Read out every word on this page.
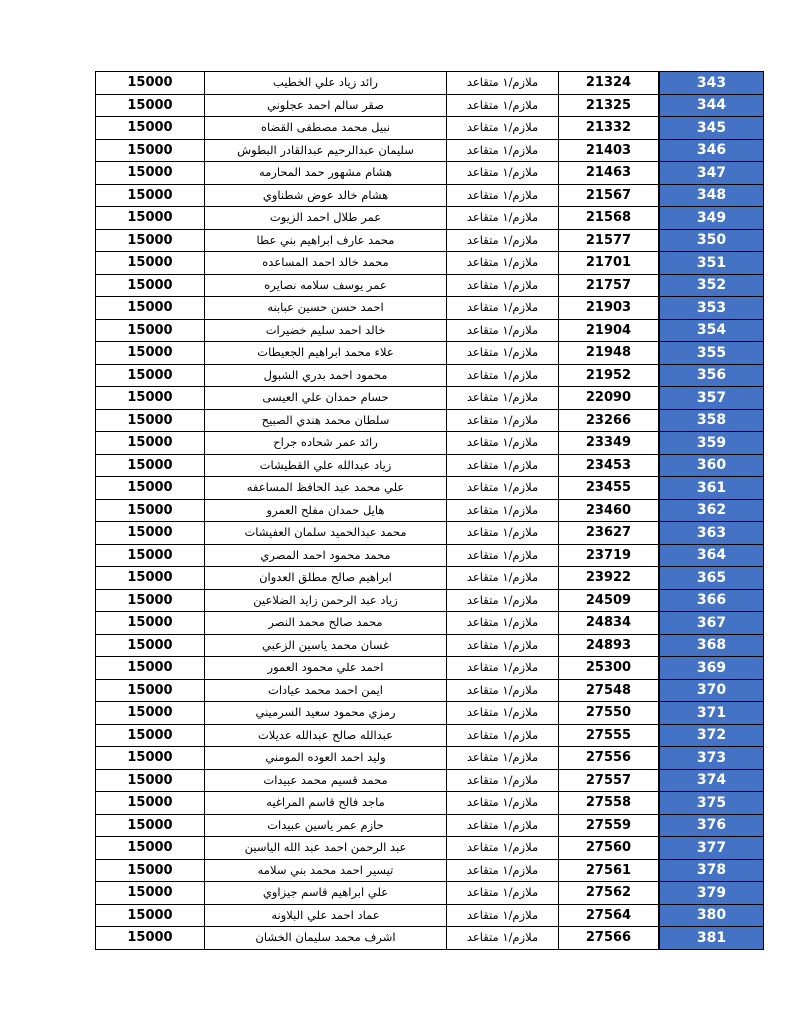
15000	رائد زياد علي الخطيب	ملازم/١ متقاعد	21324	343
15000	صقر سالم احمد عجلوني	ملازم/١ متقاعد	21325	344
15000	نبيل محمد مصطفى القضاه	ملازم/١ متقاعد	21332	345
15000	سليمان عبدالرحيم عبدالقادر البطوش	ملازم/١ متقاعد	21403	346
15000	هشام مشهور حمد المحارمه	ملازم/١ متقاعد	21463	347
15000	هشام خالد عوض شطناوي	ملازم/١ متقاعد	21567	348
15000	عمر طلال احمد الزيوت	ملازم/١ متقاعد	21568	349
15000	محمد عارف ابراهيم بني عطا	ملازم/١ متقاعد	21577	350
15000	محمد خالد احمد المساعده	ملازم/١ متقاعد	21701	351
15000	عمر يوسف سلامه نصايره	ملازم/١ متقاعد	21757	352
15000	احمد حسن حسين عبابنه	ملازم/١ متقاعد	21903	353
15000	خالد احمد سليم خضيرات	ملازم/١ متقاعد	21904	354
15000	علاء محمد ابراهيم الجعيطات	ملازم/١ متقاعد	21948	355
15000	محمود احمد بدري الشبول	ملازم/١ متقاعد	21952	356
15000	حسام حمدان علي العيسى	ملازم/١ متقاعد	22090	357
15000	سلطان محمد هندي الصبيح	ملازم/١ متقاعد	23266	358
15000	رائد عمر شحاده جراح	ملازم/١ متقاعد	23349	359
15000	زياد عبدالله علي القطيشات	ملازم/١ متقاعد	23453	360
15000	علي محمد عبد الحافظ المساعفه	ملازم/١ متقاعد	23455	361
15000	هايل حمدان مفلح العمرو	ملازم/١ متقاعد	23460	362
15000	محمد عبدالحميد سلمان العفيشات	ملازم/١ متقاعد	23627	363
15000	محمد محمود احمد المصري	ملازم/١ متقاعد	23719	364
15000	ابراهيم صالح مطلق العدوان	ملازم/١ متقاعد	23922	365
15000	زياد عبد الرحمن زايد الضلاعين	ملازم/١ متقاعد	24509	366
15000	محمد صالح محمد النصر	ملازم/١ متقاعد	24834	367
15000	غسان محمد ياسين الزعبي	ملازم/١ متقاعد	24893	368
15000	احمد علي محمود العمور	ملازم/١ متقاعد	25300	369
15000	ايمن احمد محمد عيادات	ملازم/١ متقاعد	27548	370
15000	رمزي محمود سعيد السرميني	ملازم/١ متقاعد	27550	371
15000	عبدالله صالح عبدالله عديلات	ملازم/١ متقاعد	27555	372
15000	وليد احمد العوده المومني	ملازم/١ متقاعد	27556	373
15000	محمد قسيم محمد عبيدات	ملازم/١ متقاعد	27557	374
15000	ماجد فالح قاسم المراغيه	ملازم/١ متقاعد	27558	375
15000	حازم عمر ياسين عبيدات	ملازم/١ متقاعد	27559	376
15000	عبد الرحمن احمد عبد الله الياسين	ملازم/١ متقاعد	27560	377
15000	تيسير احمد محمد بني سلامه	ملازم/١ متقاعد	27561	378
15000	علي ابراهيم قاسم جيزاوي	ملازم/١ متقاعد	27562	379
15000	عماد احمد علي البلاونه	ملازم/١ متقاعد	27564	380
15000	اشرف محمد سليمان الخشان	ملازم/١ متقاعد	27566	381
